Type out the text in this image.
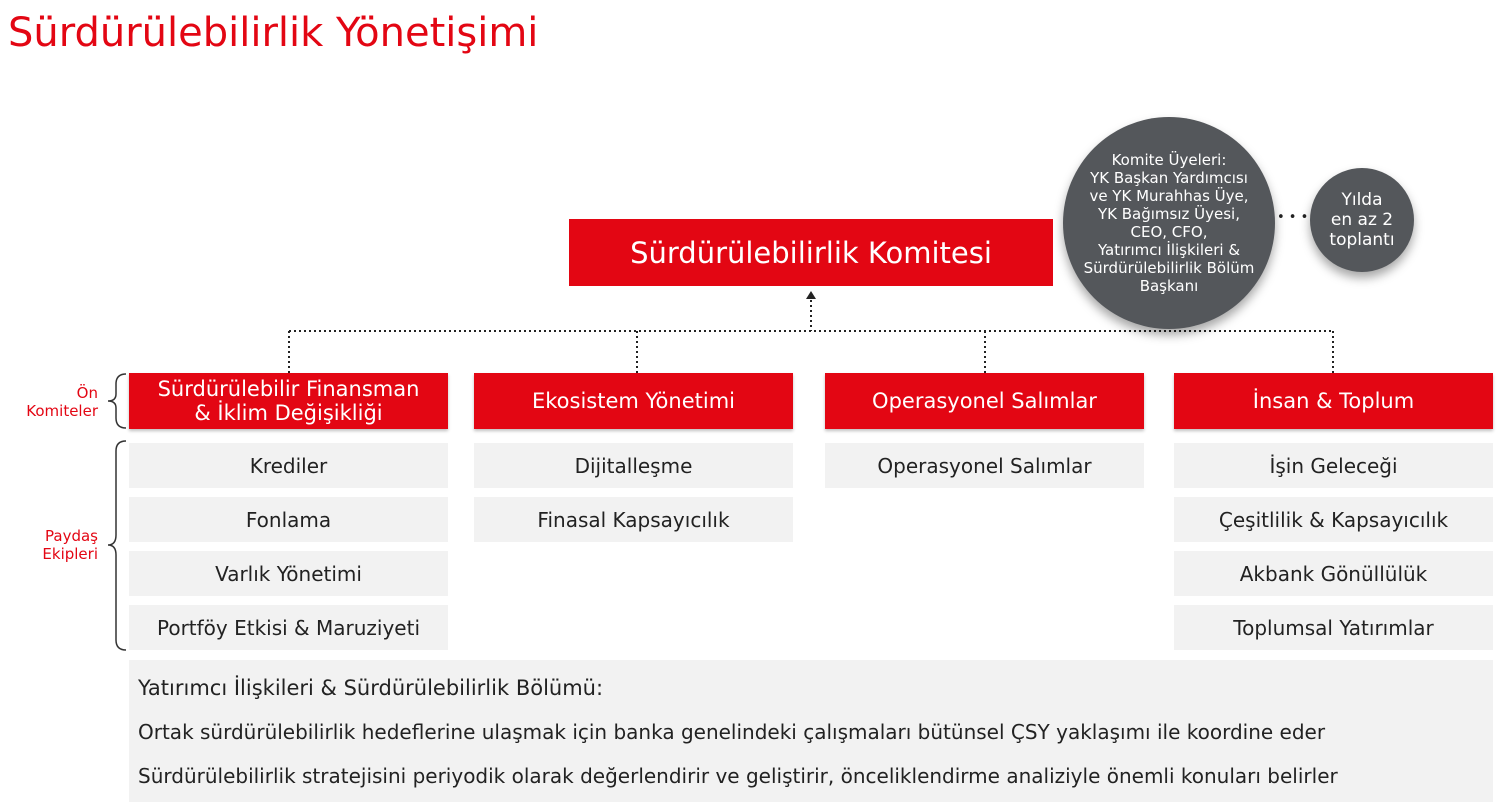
Sürdürülebilirlik Yönetişimi
Sürdürülebilirlik Komitesi
Komite Üyeleri:
YK Başkan Yardımcısı
ve YK Murahhas Üye,
YK Bağımsız Üyesi,
CEO, CFO,
Yatırımcı İlişkileri &
Sürdürülebilirlik Bölüm
Başkanı
• • •
Yılda
en az 2
toplantı
Ön
Komiteler
Paydaş
Ekipleri
Sürdürülebilir Finansman
& İklim Değişikliği	Ekosistem Yönetimi	Operasyonel Salımlar	İnsan & Toplum
Krediler
Fonlama
Varlık Yönetimi
Portföy Etkisi & Maruziyeti
Dijitalleşme
Finasal Kapsayıcılık
Operasyonel Salımlar	İşin Geleceği
Çeşitlilik & Kapsayıcılık
Akbank Gönüllülük
Toplumsal Yatırımlar
Yatırımcı İlişkileri & Sürdürülebilirlik Bölümü:
Ortak sürdürülebilirlik hedeflerine ulaşmak için banka genelindeki çalışmaları bütünsel ÇSY yaklaşımı ile koordine eder
Sürdürülebilirlik stratejisini periyodik olarak değerlendirir ve geliştirir, önceliklendirme analiziyle önemli konuları belirler
